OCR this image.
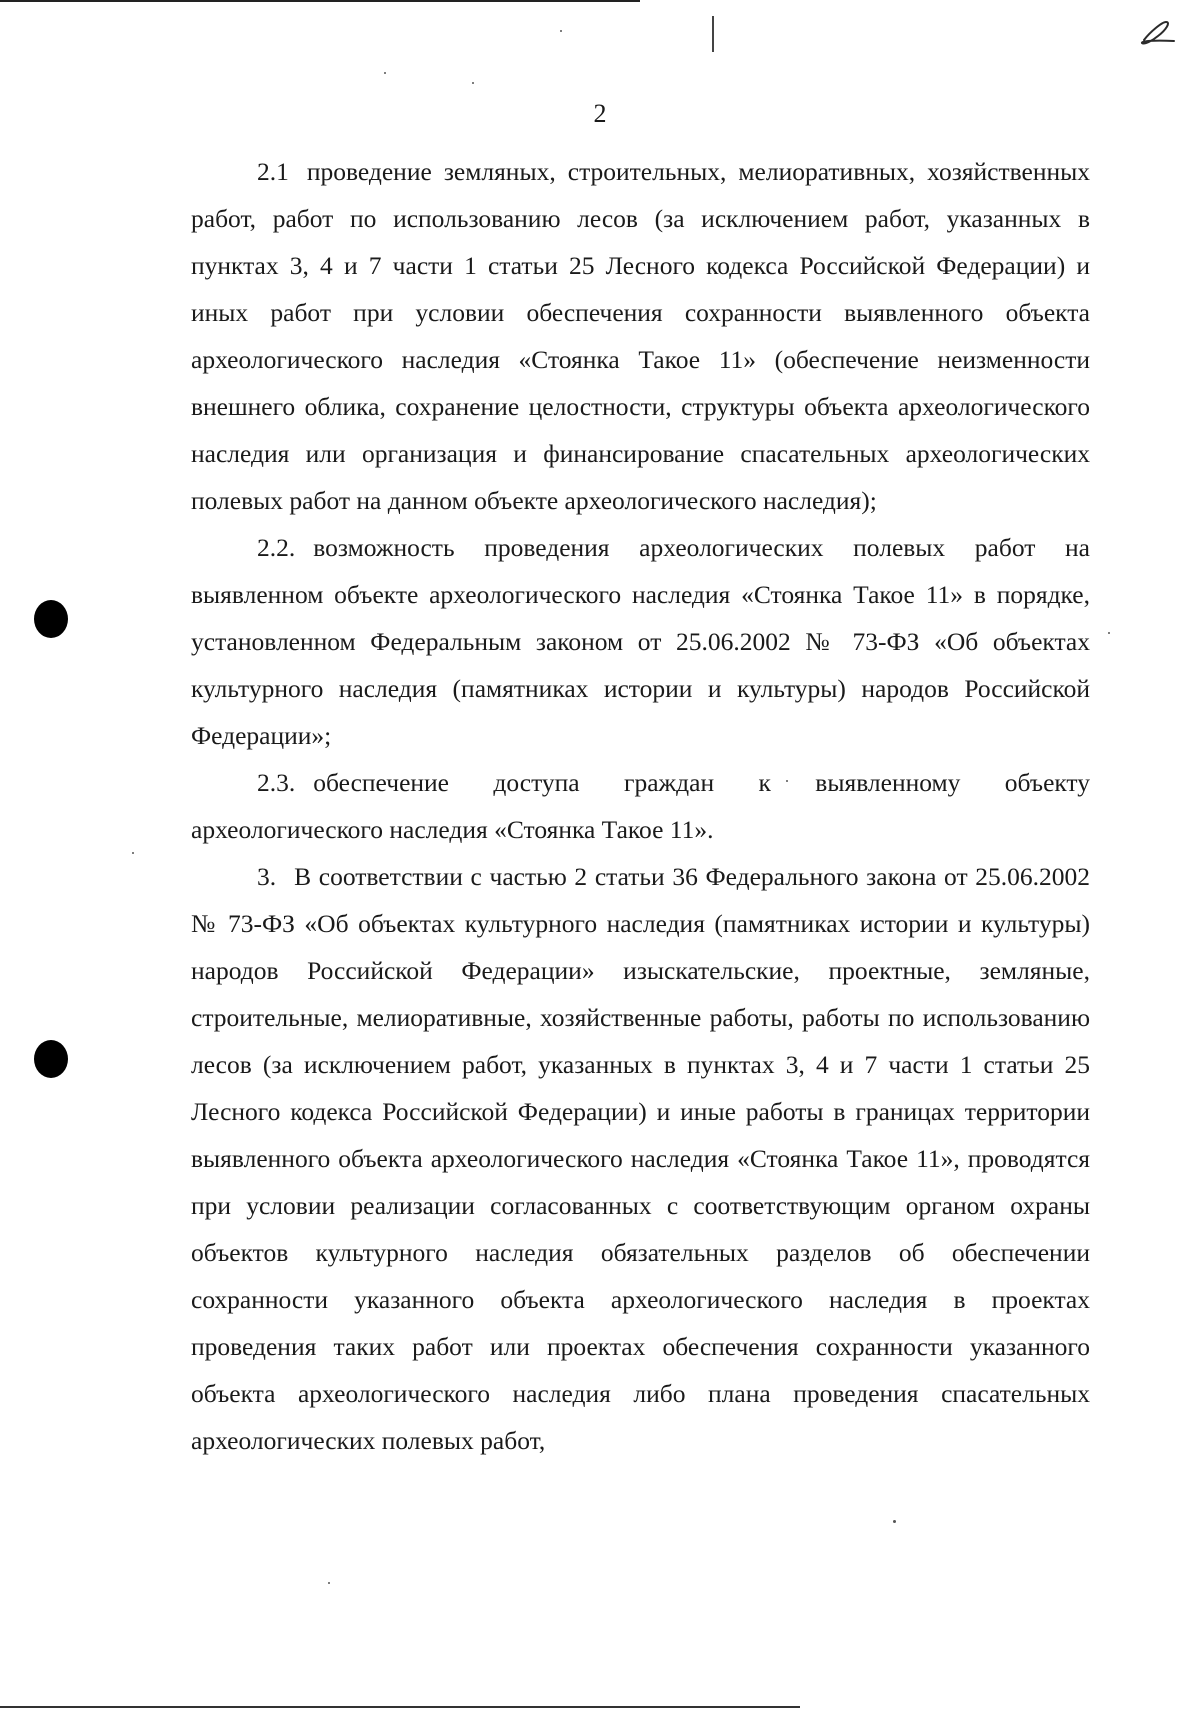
2

2.1 проведение земляных, строительных, мелиоративных, хозяйственных работ, работ по использованию лесов (за исключением работ, указанных в пунктах 3, 4 и 7 части 1 статьи 25 Лесного кодекса Российской Федерации) и иных работ при условии обеспечения сохранности выявленного объекта археологического наследия «Стоянка Такое 11» (обеспечение неизменности внешнего облика, сохранение целостности, структуры объекта археологического наследия или организация и финансирование спасательных археологических полевых работ на данном объекте археологического наследия);

2.2. возможность проведения археологических полевых работ на выявленном объекте археологического наследия «Стоянка Такое 11» в порядке, установленном Федеральным законом от 25.06.2002 № 73-ФЗ «Об объектах культурного наследия (памятниках истории и культуры) народов Российской Федерации»;

2.3. обеспечение доступа граждан к выявленному объекту археологического наследия «Стоянка Такое 11».

3. В соответствии с частью 2 статьи 36 Федерального закона от 25.06.2002 № 73-ФЗ «Об объектах культурного наследия (памятниках истории и культуры) народов Российской Федерации» изыскательские, проектные, земляные, строительные, мелиоративные, хозяйственные работы, работы по использованию лесов (за исключением работ, указанных в пунктах 3, 4 и 7 части 1 статьи 25 Лесного кодекса Российской Федерации) и иные работы в границах территории выявленного объекта археологического наследия «Стоянка Такое 11», проводятся при условии реализации согласованных с соответствующим органом охраны объектов культурного наследия обязательных разделов об обеспечении сохранности указанного объекта археологического наследия в проектах проведения таких работ или проектах обеспечения сохранности указанного объекта археологического наследия либо плана проведения спасательных археологических полевых работ,
